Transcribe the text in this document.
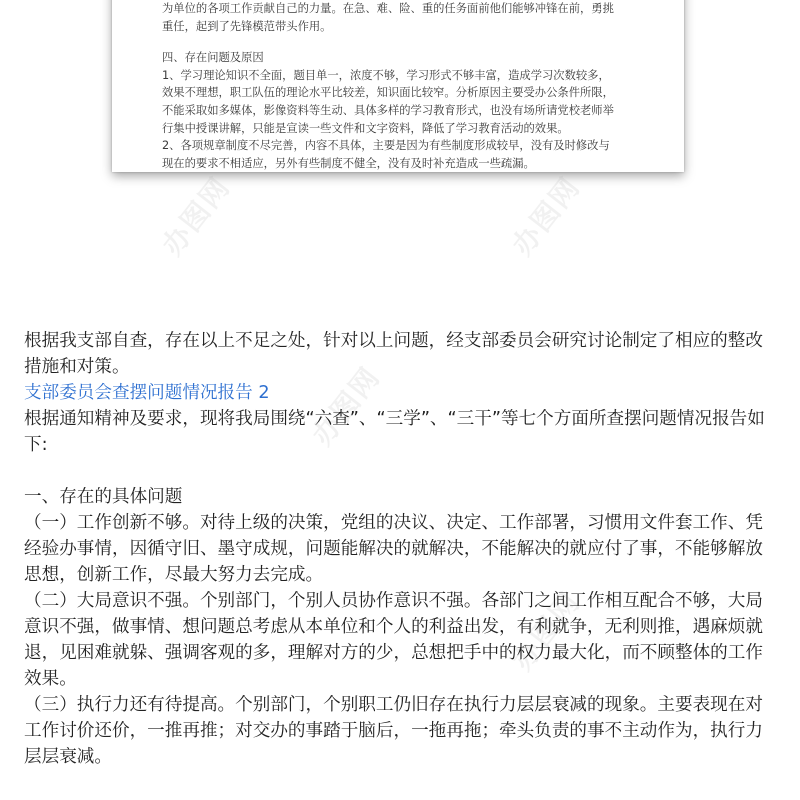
为单位的各项工作贡献自己的力量。在急、难、险、重的任务面前他们能够冲锋在前，勇挑

重任，起到了先锋模范带头作用。

四、存在问题及原因

1、学习理论知识不全面，题目单一，浓度不够，学习形式不够丰富，造成学习次数较多，

效果不理想，职工队伍的理论水平比较差，知识面比较窄。分析原因主要受办公条件所限，

不能采取如多媒体，影像资料等生动、具体多样的学习教育形式，也没有场所请党校老师举

行集中授课讲解，只能是宣读一些文件和文字资料，降低了学习教育活动的效果。

2、各项规章制度不尽完善，内容不具体，主要是因为有些制度形成较早，没有及时修改与

现在的要求不相适应，另外有些制度不健全，没有及时补充造成一些疏漏。

办图网	办图网
办图网
办图网

根据我支部自查，存在以上不足之处，针对以上问题，经支部委员会研究讨论制定了相应的整改措施和对策。

支部委员会查摆问题情况报告 2

根据通知精神及要求，现将我局围绕“六查”、“三学”、“三干”等七个方面所查摆问题情况报告如下:

一、存在的具体问题

（一）工作创新不够。对待上级的决策，党组的决议、决定、工作部署，习惯用文件套工作、凭经验办事情，因循守旧、墨守成规，问题能解决的就解决，不能解决的就应付了事，不能够解放思想，创新工作，尽最大努力去完成。

（二）大局意识不强。个别部门，个别人员协作意识不强。各部门之间工作相互配合不够，大局意识不强，做事情、想问题总考虑从本单位和个人的利益出发，有利就争，无利则推，遇麻烦就退，见困难就躲、强调客观的多，理解对方的少，总想把手中的权力最大化，而不顾整体的工作效果。

（三）执行力还有待提高。个别部门，个别职工仍旧存在执行力层层衰减的现象。主要表现在对工作讨价还价，一推再推；对交办的事踏于脑后，一拖再拖；牵头负责的事不主动作为，执行力层层衰减。
